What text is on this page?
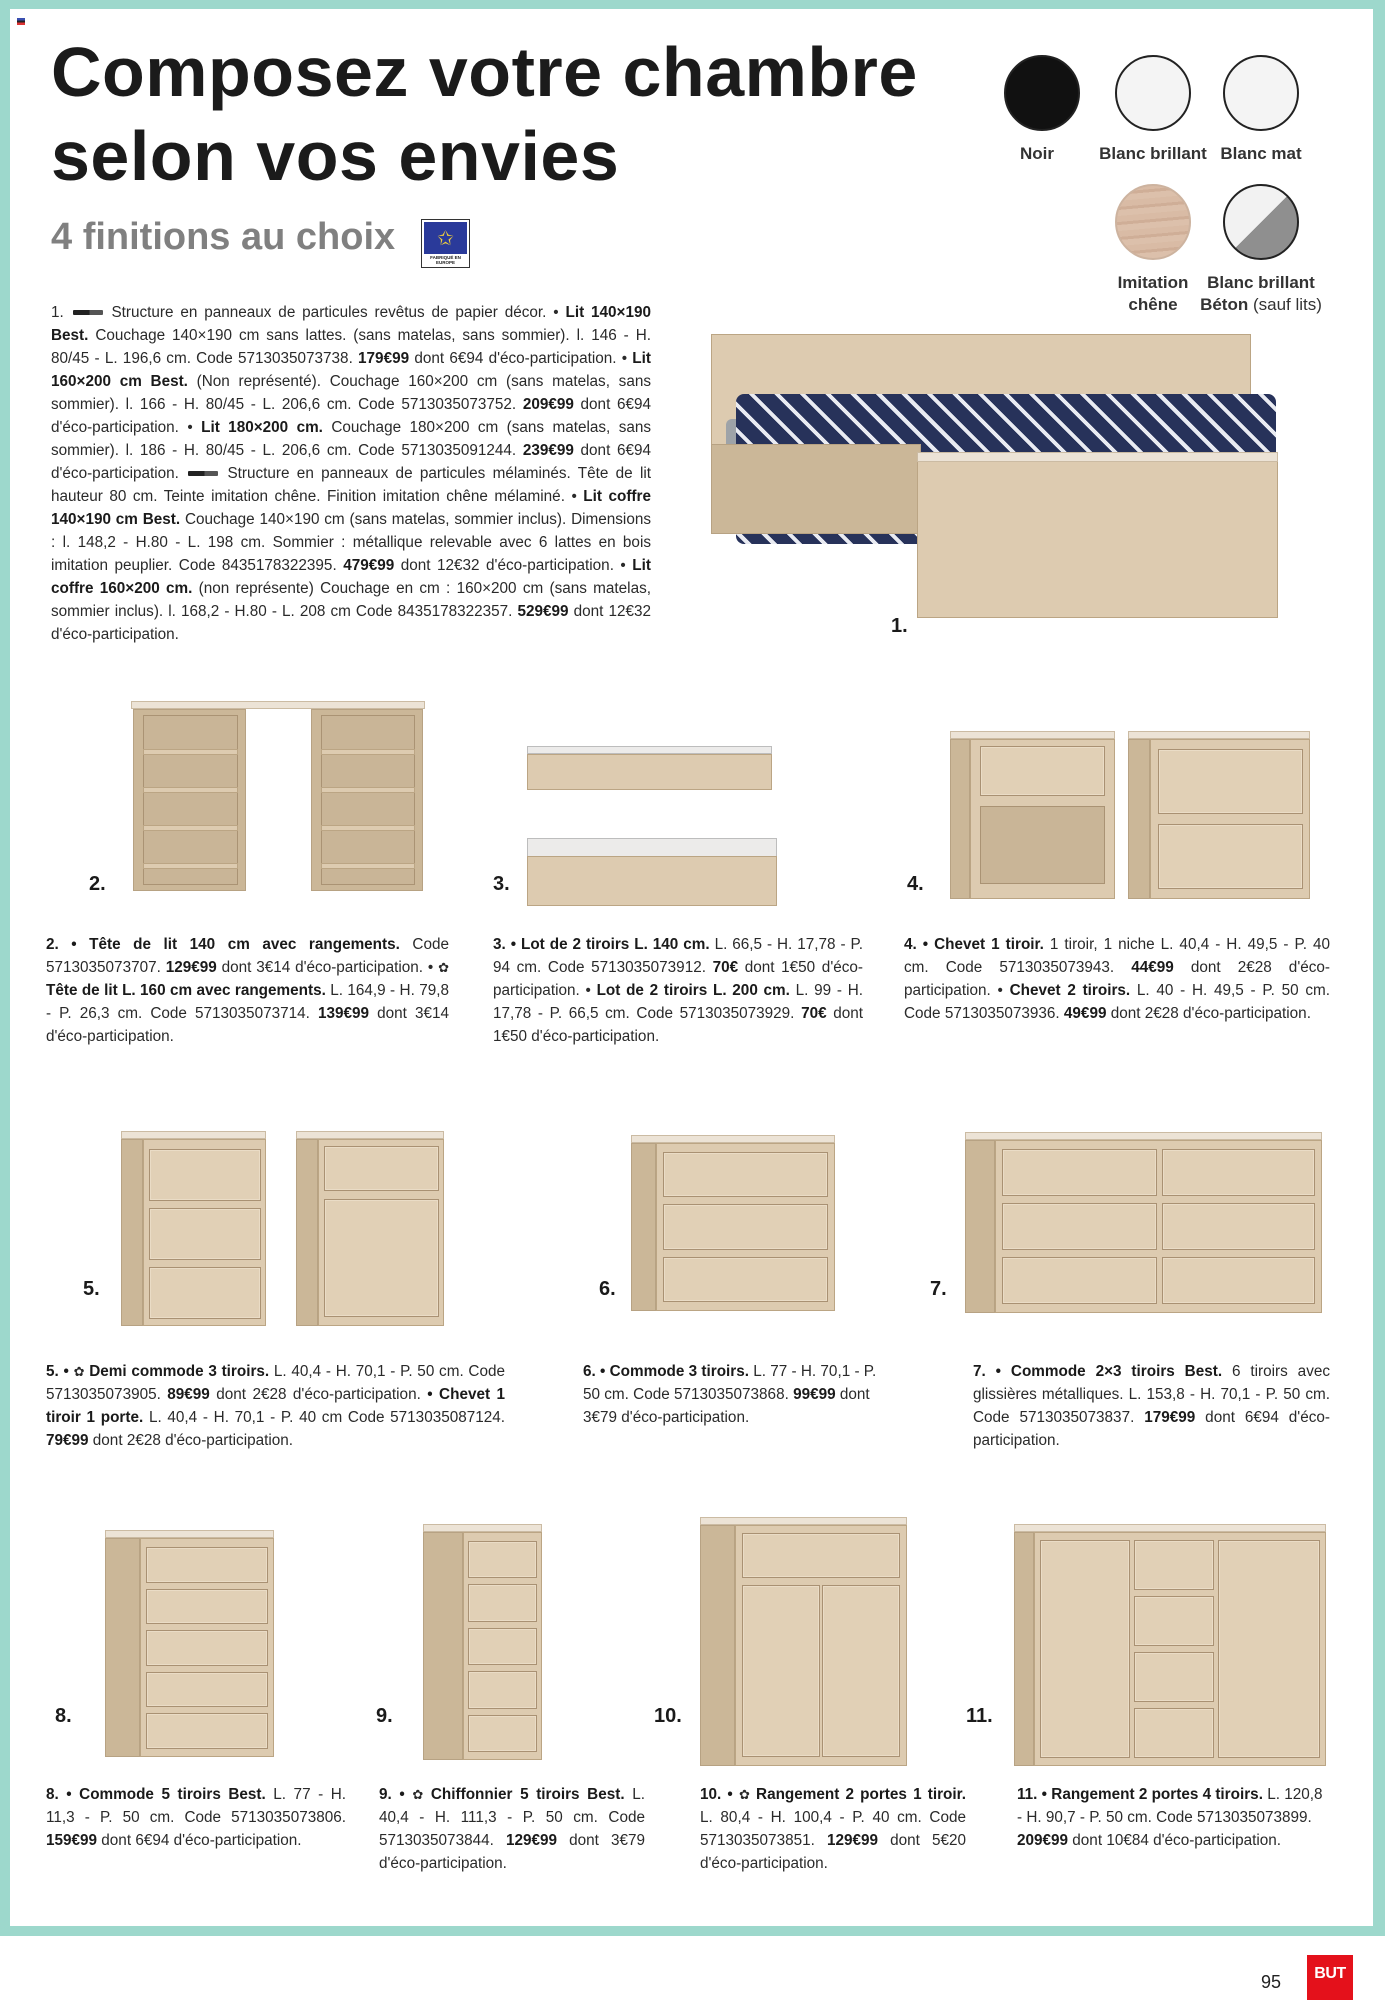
Composez votre chambre
selon vos envies
4 finitions au choix	✩
FABRIQUÉ EN EUROPE
Noir	Blanc brillant Blanc mat
Imitation
chêne
Blanc brillant
Béton (sauf lits)
1.  Structure en panneaux de particules revêtus de papier décor. • Lit 140×190 Best. Couchage 140×190 cm sans lattes. (sans matelas, sans sommier). l. 146 - H. 80/45 - L. 196,6 cm. Code 5713035073738. 179€99 dont 6€94 d'éco-participation. • Lit 160×200 cm Best. (Non représenté). Couchage 160×200 cm (sans matelas, sans sommier). l. 166 - H. 80/45 - L. 206,6 cm. Code 5713035073752. 209€99 dont 6€94 d'éco-participation. • Lit 180×200 cm. Couchage 180×200 cm (sans matelas, sans sommier). l. 186 - H. 80/45 - L. 206,6 cm. Code 5713035091244. 239€99 dont 6€94 d'éco-participation.  Structure en panneaux de particules mélaminés. Tête de lit hauteur 80 cm. Teinte imitation chêne. Finition imitation chêne mélaminé. • Lit coffre 140×190 cm Best. Couchage 140×190 cm (sans matelas, sommier inclus). Dimensions : l. 148,2 - H.80 - L. 198 cm. Sommier : métallique relevable avec 6 lattes en bois imitation peuplier. Code 8435178322395. 479€99 dont 12€32 d'éco-participation. • Lit coffre 160×200 cm. (non représente) Couchage en cm : 160×200 cm (sans matelas, sommier inclus). l. 168,2 - H.80 - L. 208 cm Code 8435178322357. 529€99 dont 12€32 d'éco-participation.
2. • Tête de lit 140 cm avec rangements. Code 5713035073707. 129€99 dont 3€14 d'éco-participation. • ✿ Tête de lit L. 160 cm avec rangements. L. 164,9 - H. 79,8 - P. 26,3 cm. Code 5713035073714. 139€99 dont 3€14 d'éco-participation.
3. • Lot de 2 tiroirs L. 140 cm. L. 66,5 - H. 17,78 - P. 94 cm. Code 5713035073912. 70€ dont 1€50 d'éco-participation. • Lot de 2 tiroirs L. 200 cm. L. 99 - H. 17,78 - P. 66,5 cm. Code 5713035073929. 70€ dont 1€50 d'éco-participation.
4. • Chevet 1 tiroir. 1 tiroir, 1 niche L. 40,4 - H. 49,5 - P. 40 cm. Code 5713035073943. 44€99 dont 2€28 d'éco-participation. • Chevet 2 tiroirs. L. 40 - H. 49,5 - P. 50 cm. Code 5713035073936. 49€99 dont 2€28 d'éco-participation.
5. • ✿ Demi commode 3 tiroirs. L. 40,4 - H. 70,1 - P. 50 cm. Code 5713035073905. 89€99 dont 2€28 d'éco-participation. • Chevet 1 tiroir 1 porte. L. 40,4 - H. 70,1 - P. 40 cm Code 5713035087124. 79€99 dont 2€28 d'éco-participation.
6. • Commode 3 tiroirs. L. 77 - H. 70,1 - P. 50 cm. Code 5713035073868. 99€99 dont 3€79 d'éco-participation.
7. • Commode 2×3 tiroirs Best. 6 tiroirs avec glissières métalliques. L. 153,8 - H. 70,1 - P. 50 cm. Code 5713035073837. 179€99 dont 6€94 d'éco-participation.
8. • Commode 5 tiroirs Best. L. 77 - H. 11,3 - P. 50 cm. Code 5713035073806. 159€99 dont 6€94 d'éco-participation.
9. • ✿ Chiffonnier 5 tiroirs Best. L. 40,4 - H. 111,3 - P. 50 cm. Code 5713035073844. 129€99 dont 3€79 d'éco-participation.
10. • ✿ Rangement 2 portes 1 tiroir. L. 80,4 - H. 100,4 - P. 40 cm. Code 5713035073851. 129€99 dont 5€20 d'éco-participation.
11. • Rangement 2 portes 4 tiroirs. L. 120,8 - H. 90,7 - P. 50 cm. Code 5713035073899. 209€99 dont 10€84 d'éco-participation.
1.
2.	3.	4.
5.	6.	7.
8.	9.	10.	11.
95	BUT
